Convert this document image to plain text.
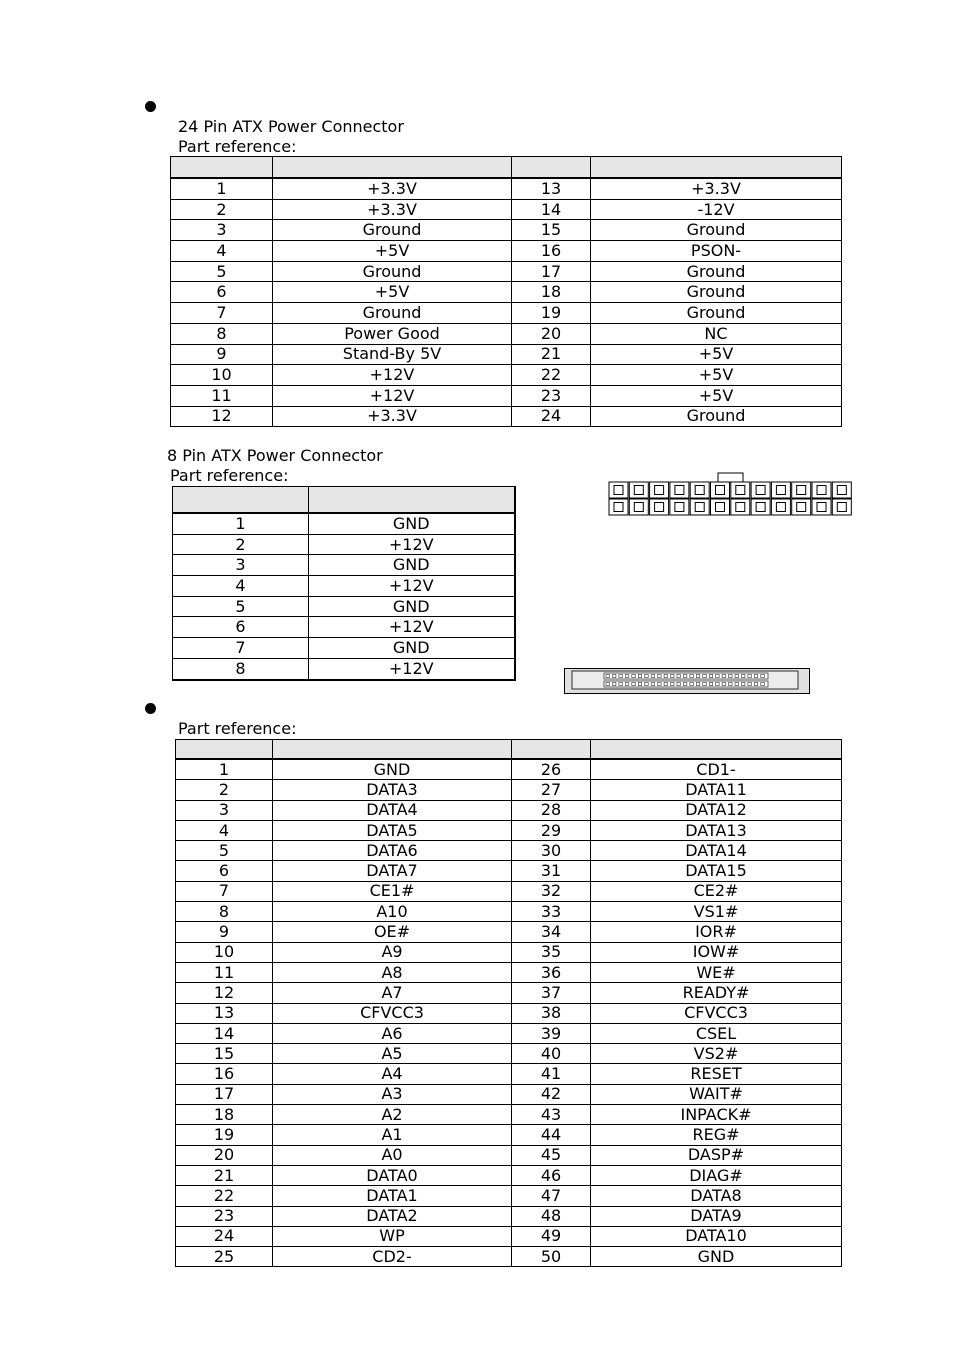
24 Pin ATX Power Connector
Part reference:

1	+3.3V	13	+3.3V
2	+3.3V	14	-12V
3	Ground	15	Ground
4	+5V	16	PSON-
5	Ground	17	Ground
6	+5V	18	Ground
7	Ground	19	Ground
8	Power Good	20	NC
9	Stand-By 5V	21	+5V
10	+12V	22	+5V
11	+12V	23	+5V
12	+3.3V	24	Ground
8 Pin ATX Power Connector
Part reference:

1	GND
2	+12V
3	GND
4	+12V
5	GND
6	+12V
7	GND
8	+12V
Part reference:

1	GND	26	CD1-
2	DATA3	27	DATA11
3	DATA4	28	DATA12
4	DATA5	29	DATA13
5	DATA6	30	DATA14
6	DATA7	31	DATA15
7	CE1#	32	CE2#
8	A10	33	VS1#
9	OE#	34	IOR#
10	A9	35	IOW#
11	A8	36	WE#
12	A7	37	READY#
13	CFVCC3	38	CFVCC3
14	A6	39	CSEL
15	A5	40	VS2#
16	A4	41	RESET
17	A3	42	WAIT#
18	A2	43	INPACK#
19	A1	44	REG#
20	A0	45	DASP#
21	DATA0	46	DIAG#
22	DATA1	47	DATA8
23	DATA2	48	DATA9
24	WP	49	DATA10
25	CD2-	50	GND
